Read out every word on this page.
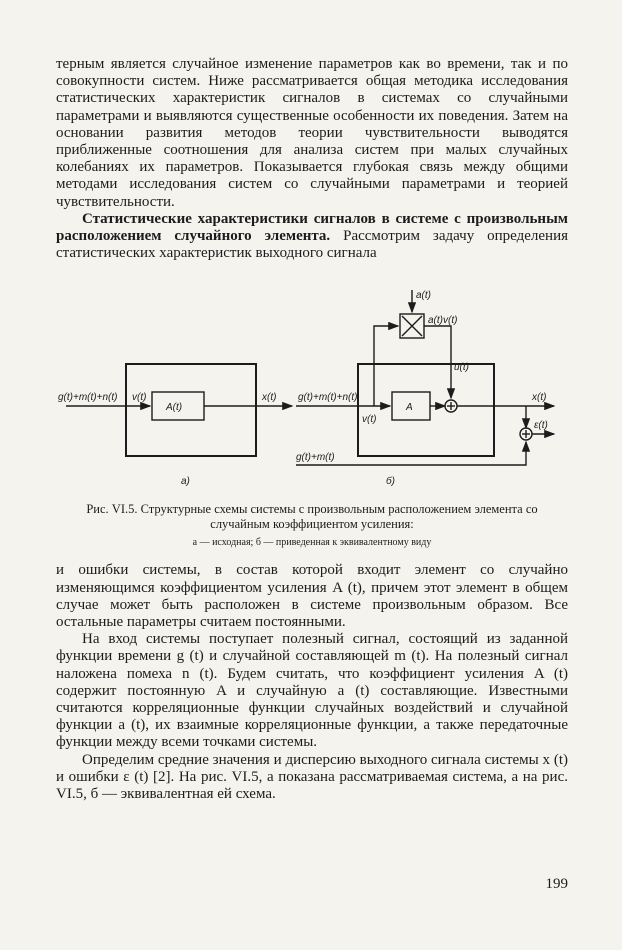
терным является случайное изменение параметров как во времени, так и по совокупности систем. Ниже рассматривается общая методика исследования статистических характеристик сигналов в системах со случайными параметрами и выявляются существенные особенности их поведения. Затем на основании развития методов теории чувствительности выводятся приближенные соотношения для анализа систем при малых случайных колебаниях их параметров. Показывается глубокая связь между общими методами исследования систем со случайными параметрами и теорией чувствительности.

Статистические характеристики сигналов в системе с произвольным расположением случайного элемента. Рассмотрим задачу определения статистических характеристик выходного сигнала

g(t)+m(t)+n(t) v(t)
A(t)
x(t)
а)
a(t)
a(t)v(t)
u(t)
g(t)+m(t)+n(t)
v(t)
A
x(t)
ε(t)
g(t)+m(t)
б)
Рис. VI.5. Структурные схемы системы с произвольным расположением элемента со случайным коэффициентом усиления:
а — исходная; б — приведенная к эквивалентному виду

и ошибки системы, в состав которой входит элемент со случайно изменяющимся коэффициентом усиления A (t), причем этот элемент в общем случае может быть расположен в системе произвольным образом. Все остальные параметры считаем постоянными.

На вход системы поступает полезный сигнал, состоящий из заданной функции времени g (t) и случайной составляющей m (t). На полезный сигнал наложена помеха n (t). Будем считать, что коэффициент усиления A (t) содержит постоянную A и случайную a (t) составляющие. Известными считаются корреляционные функции случайных воздействий и случайной функции a (t), их взаимные корреляционные функции, а также передаточные функции между всеми точками системы.

Определим средние значения и дисперсию выходного сигнала системы x (t) и ошибки ε (t) [2]. На рис. VI.5, а показана рассматриваемая система, а на рис. VI.5, б — эквивалентная ей схема.

199
